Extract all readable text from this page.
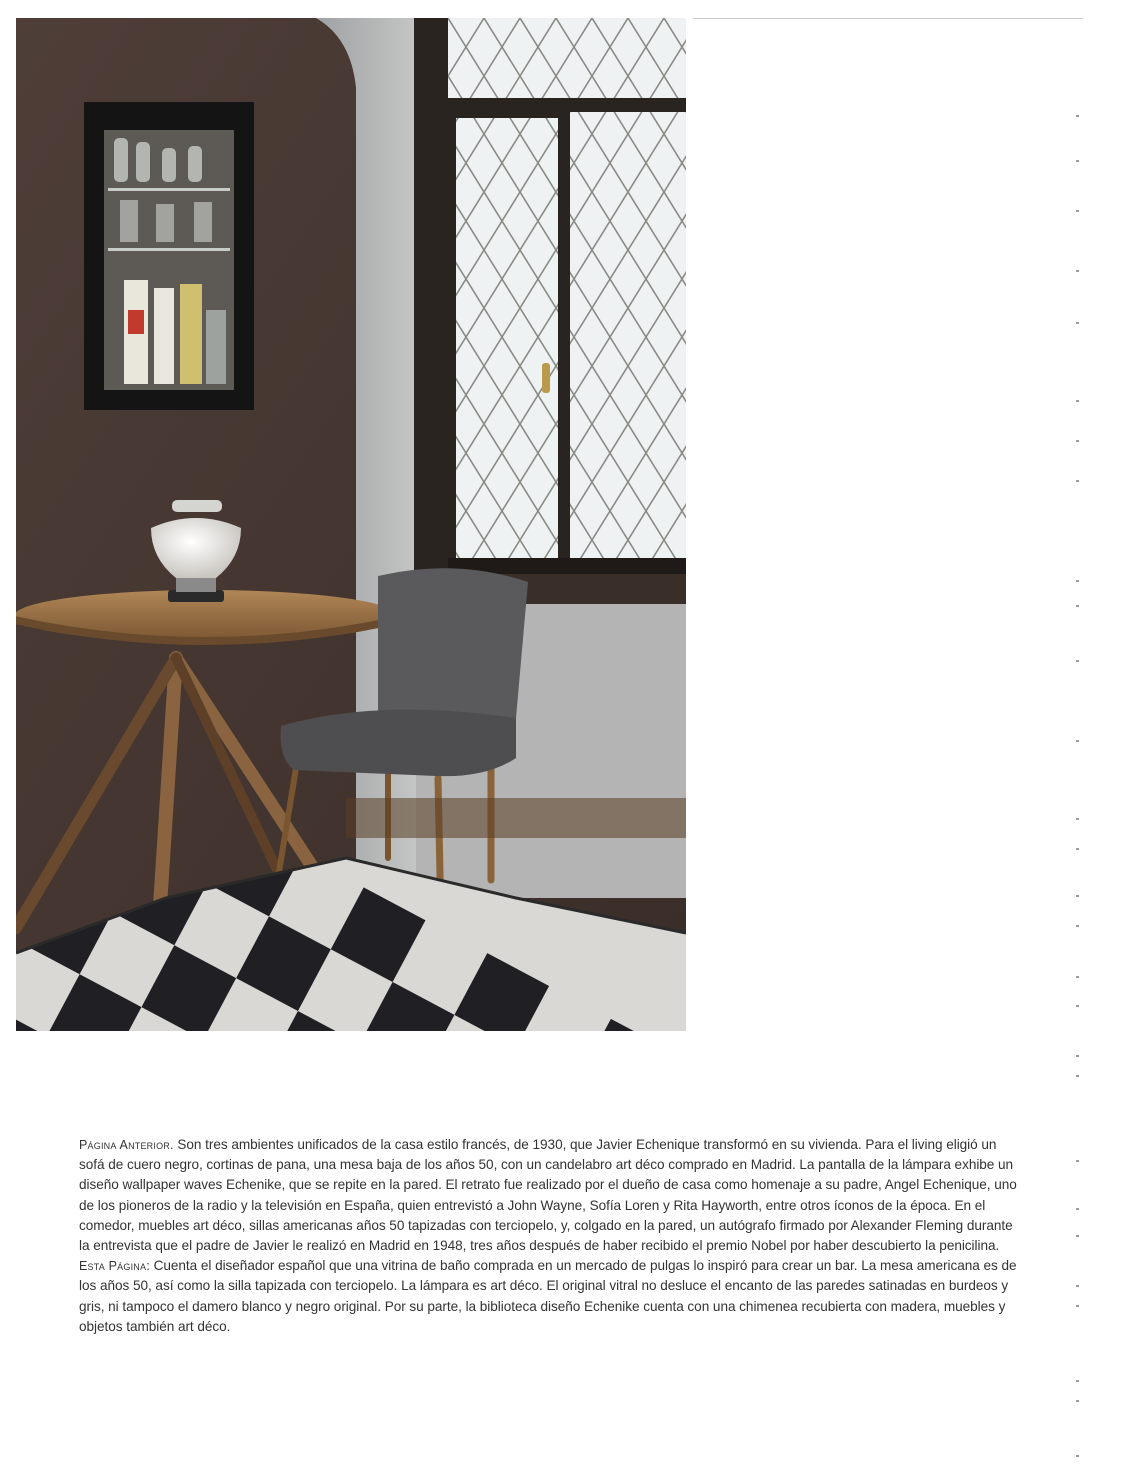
Página Anterior. Son tres ambientes unificados de la casa estilo francés, de 1930, que Javier Echenique transformó en su vivienda. Para el living eligió un sofá de cuero negro, cortinas de pana, una mesa baja de los años 50, con un candelabro art déco comprado en Madrid. La pantalla de la lámpara exhibe un diseño wallpaper waves Echenike, que se repite en la pared. El retrato fue realizado por el dueño de casa como homenaje a su padre, Angel Echenique, uno de los pioneros de la radio y la televisión en España, quien entrevistó a John Wayne, Sofía Loren y Rita Hayworth, entre otros íconos de la época. En el comedor, muebles art déco, sillas americanas años 50 tapizadas con terciopelo, y, colgado en la pared, un autógrafo firmado por Alexander Fleming durante la entrevista que el padre de Javier le realizó en Madrid en 1948, tres años después de haber recibido el premio Nobel por haber descubierto la penicilina.

Esta Página: Cuenta el diseñador español que una vitrina de baño comprada en un mercado de pulgas lo inspiró para crear un bar. La mesa americana es de los años 50, así como la silla tapizada con terciopelo. La lámpara es art déco. El original vitral no desluce el encanto de las paredes satinadas en burdeos y gris, ni tampoco el damero blanco y negro original. Por su parte, la biblioteca diseño Echenike cuenta con una chimenea recubierta con madera, muebles y objetos también art déco.
